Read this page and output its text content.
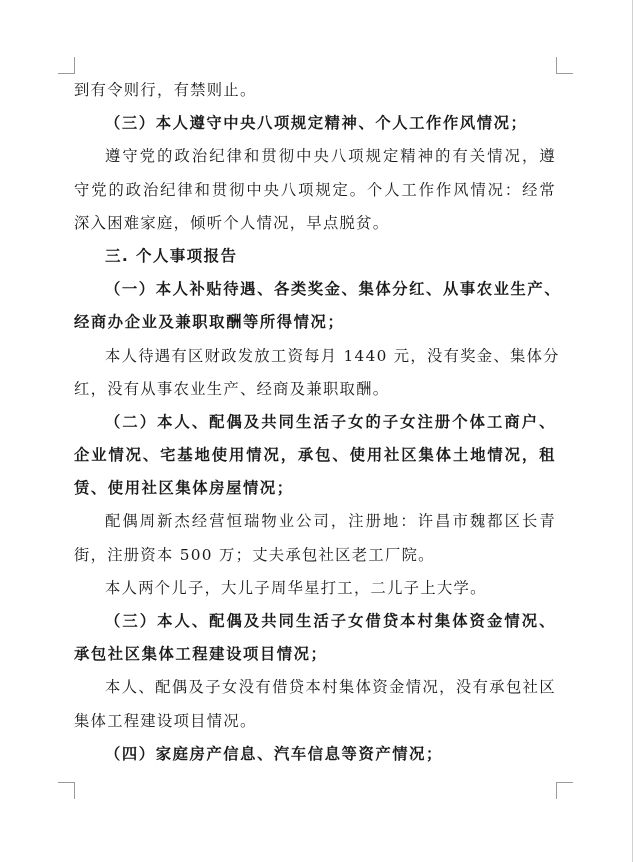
到有令则行，有禁则止。
（三）本人遵守中央八项规定精神、个人工作作风情况；
遵守党的政治纪律和贯彻中央八项规定精神的有关情况，遵
守党的政治纪律和贯彻中央八项规定。个人工作作风情况：经常
深入困难家庭，倾听个人情况，早点脱贫。
三. 个人事项报告
（一）本人补贴待遇、各类奖金、集体分红、从事农业生产、
经商办企业及兼职取酬等所得情况；
本人待遇有区财政发放工资每月 1440 元，没有奖金、集体分
红，没有从事农业生产、经商及兼职取酬。
（二）本人、配偶及共同生活子女的子女注册个体工商户、
企业情况、宅基地使用情况，承包、使用社区集体土地情况，租
赁、使用社区集体房屋情况；
配偶周新杰经营恒瑞物业公司，注册地：许昌市魏都区长青
街，注册资本 500 万；丈夫承包社区老工厂院。
本人两个儿子，大儿子周华星打工，二儿子上大学。
（三）本人、配偶及共同生活子女借贷本村集体资金情况、
承包社区集体工程建设项目情况；
本人、配偶及子女没有借贷本村集体资金情况，没有承包社区
集体工程建设项目情况。
（四）家庭房产信息、汽车信息等资产情况；
